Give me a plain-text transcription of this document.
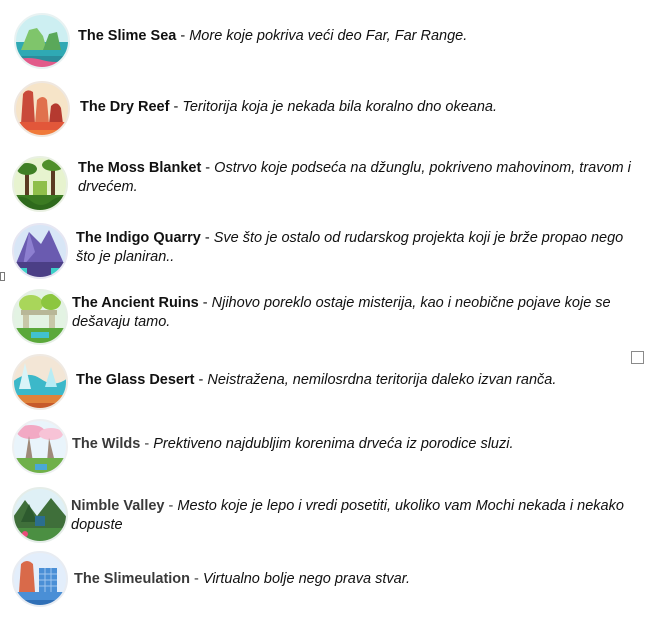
The Slime Sea - More koje pokriva veći deo Far, Far Range.
The Dry Reef - Teritorija koja je nekada bila koralno dno okeana.
The Moss Blanket - Ostrvo koje podseća na džunglu, pokriveno mahovinom, travom i drvećem.
The Indigo Quarry - Sve što je ostalo od rudarskog projekta koji je brže propao nego što je planiran..
The Ancient Ruins - Njihovo poreklo ostaje misterija, kao i neobične pojave koje se dešavaju tamo.
The Glass Desert - Neistražena, nemilosrdna teritorija daleko izvan ranča.
The Wilds - Prektiveno najdubljim korenima drveća iz porodice sluzi.
Nimble Valley - Mesto koje je lepo i vredi posetiti, ukoliko vam Mochi nekada i nekako dopuste
The Slimeulation - Virtualno bolje nego prava stvar.
